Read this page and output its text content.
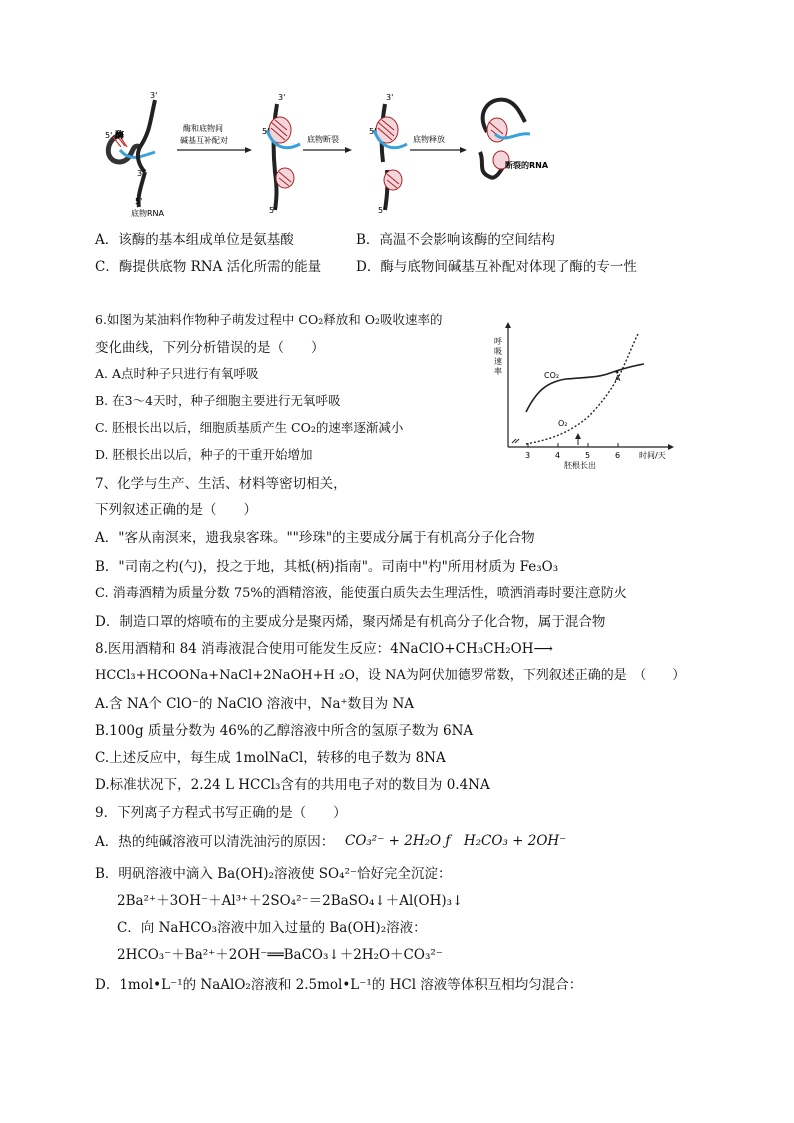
5' 酶
3'
3'
5'
底物RNA
酶和底物间
碱基互补配对
3'
5'
5'
底物断裂
3'
5'
5'
底物释放
断裂的RNA
A．该酶的基本组成单位是氨基酸	B．高温不会影响该酶的空间结构
C．酶提供底物 RNA 活化所需的能量	D．酶与底物间碱基互补配对体现了酶的专一性
6.如图为某油料作物种子萌发过程中 CO₂释放和 O₂吸收速率的
变化曲线，下列分析错误的是（　　）
A. A点时种子只进行有氧呼吸
B. 在3～4天时，种子细胞主要进行无氧呼吸
C. 胚根长出以后，细胞质基质产生 CO₂的速率逐渐减小
D. 胚根长出以后，种子的干重开始增加
呼
吸
速
率
3	4	5	6 时间/天
胚根长出
CO₂
O₂
A
7、化学与生产、生活、材料等密切相关，
下列叙述正确的是（　　）
A．"客从南溟来，遗我泉客珠。""珍珠"的主要成分属于有机高分子化合物
B．"司南之杓(勺)，投之于地，其柢(柄)指南"。司南中"杓"所用材质为 Fe₃O₃
C. 消毒酒精为质量分数 75%的酒精溶液，能使蛋白质失去生理活性，喷洒消毒时要注意防火
D．制造口罩的熔喷布的主要成分是聚丙烯，聚丙烯是有机高分子化合物，属于混合物
8.医用酒精和 84 消毒液混合使用可能发生反应：4NaClO+CH₃CH₂OH⟶
HCCl₃+HCOONa+NaCl+2NaOH+H ₂O，设 NA为阿伏加德罗常数，下列叙述正确的是　（　　）
A.含 NA个 ClO⁻的 NaClO 溶液中，Na⁺数目为 NA
B.100g 质量分数为 46%的乙醇溶液中所含的氢原子数为 6NA
C.上述反应中，每生成 1molNaCl，转移的电子数为 8NA
D.标准状况下，2.24 L HCCl₃含有的共用电子对的数目为 0.4NA
9．下列离子方程式书写正确的是（　　）
A．热的纯碱溶液可以清洗油污的原因： CO₃²⁻ + 2H₂O ƒ　H₂CO₃ + 2OH⁻
B．明矾溶液中滴入 Ba(OH)₂溶液使 SO₄²⁻恰好完全沉淀：
2Ba²⁺＋3OH⁻＋Al³⁺＋2SO₄²⁻＝2BaSO₄↓＋Al(OH)₃↓
C．向 NaHCO₃溶液中加入过量的 Ba(OH)₂溶液：
2HCO₃⁻＋Ba²⁺＋2OH⁻══BaCO₃↓＋2H₂O＋CO₃²⁻
D．1mol•L⁻¹的 NaAlO₂溶液和 2.5mol•L⁻¹的 HCl 溶液等体积互相均匀混合：
